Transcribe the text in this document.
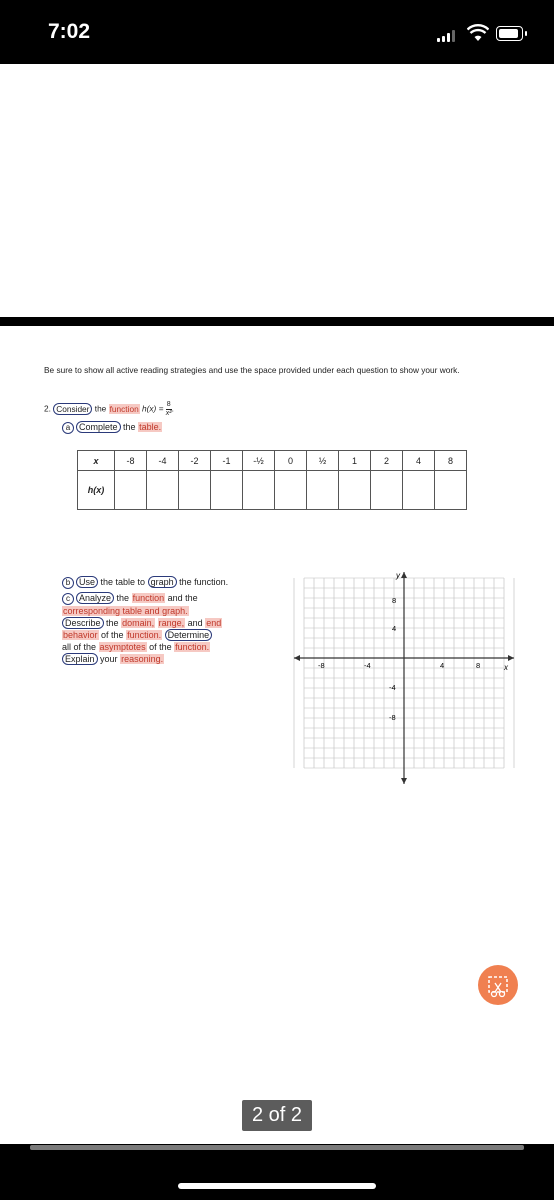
7:02
Be sure to show all active reading strategies and use the space provided under each question to show your work.
2. Consider the function $h(x) = \frac{8}{\text{x²}}$ .
a Complete the table.
x	-8	-4	-2	-1	-½	0	½	1	2	4	8
h(x)											
b Use the table to graph the function.
c Analyze the function and the
corresponding table and graph.
Describe the domain, range, and end
behavior of the function. Determine
all of the asymptotes of the function.
Explain your reasoning.
y
x
-8	-4	4	8
8
4
-4
-8
2 of 2
